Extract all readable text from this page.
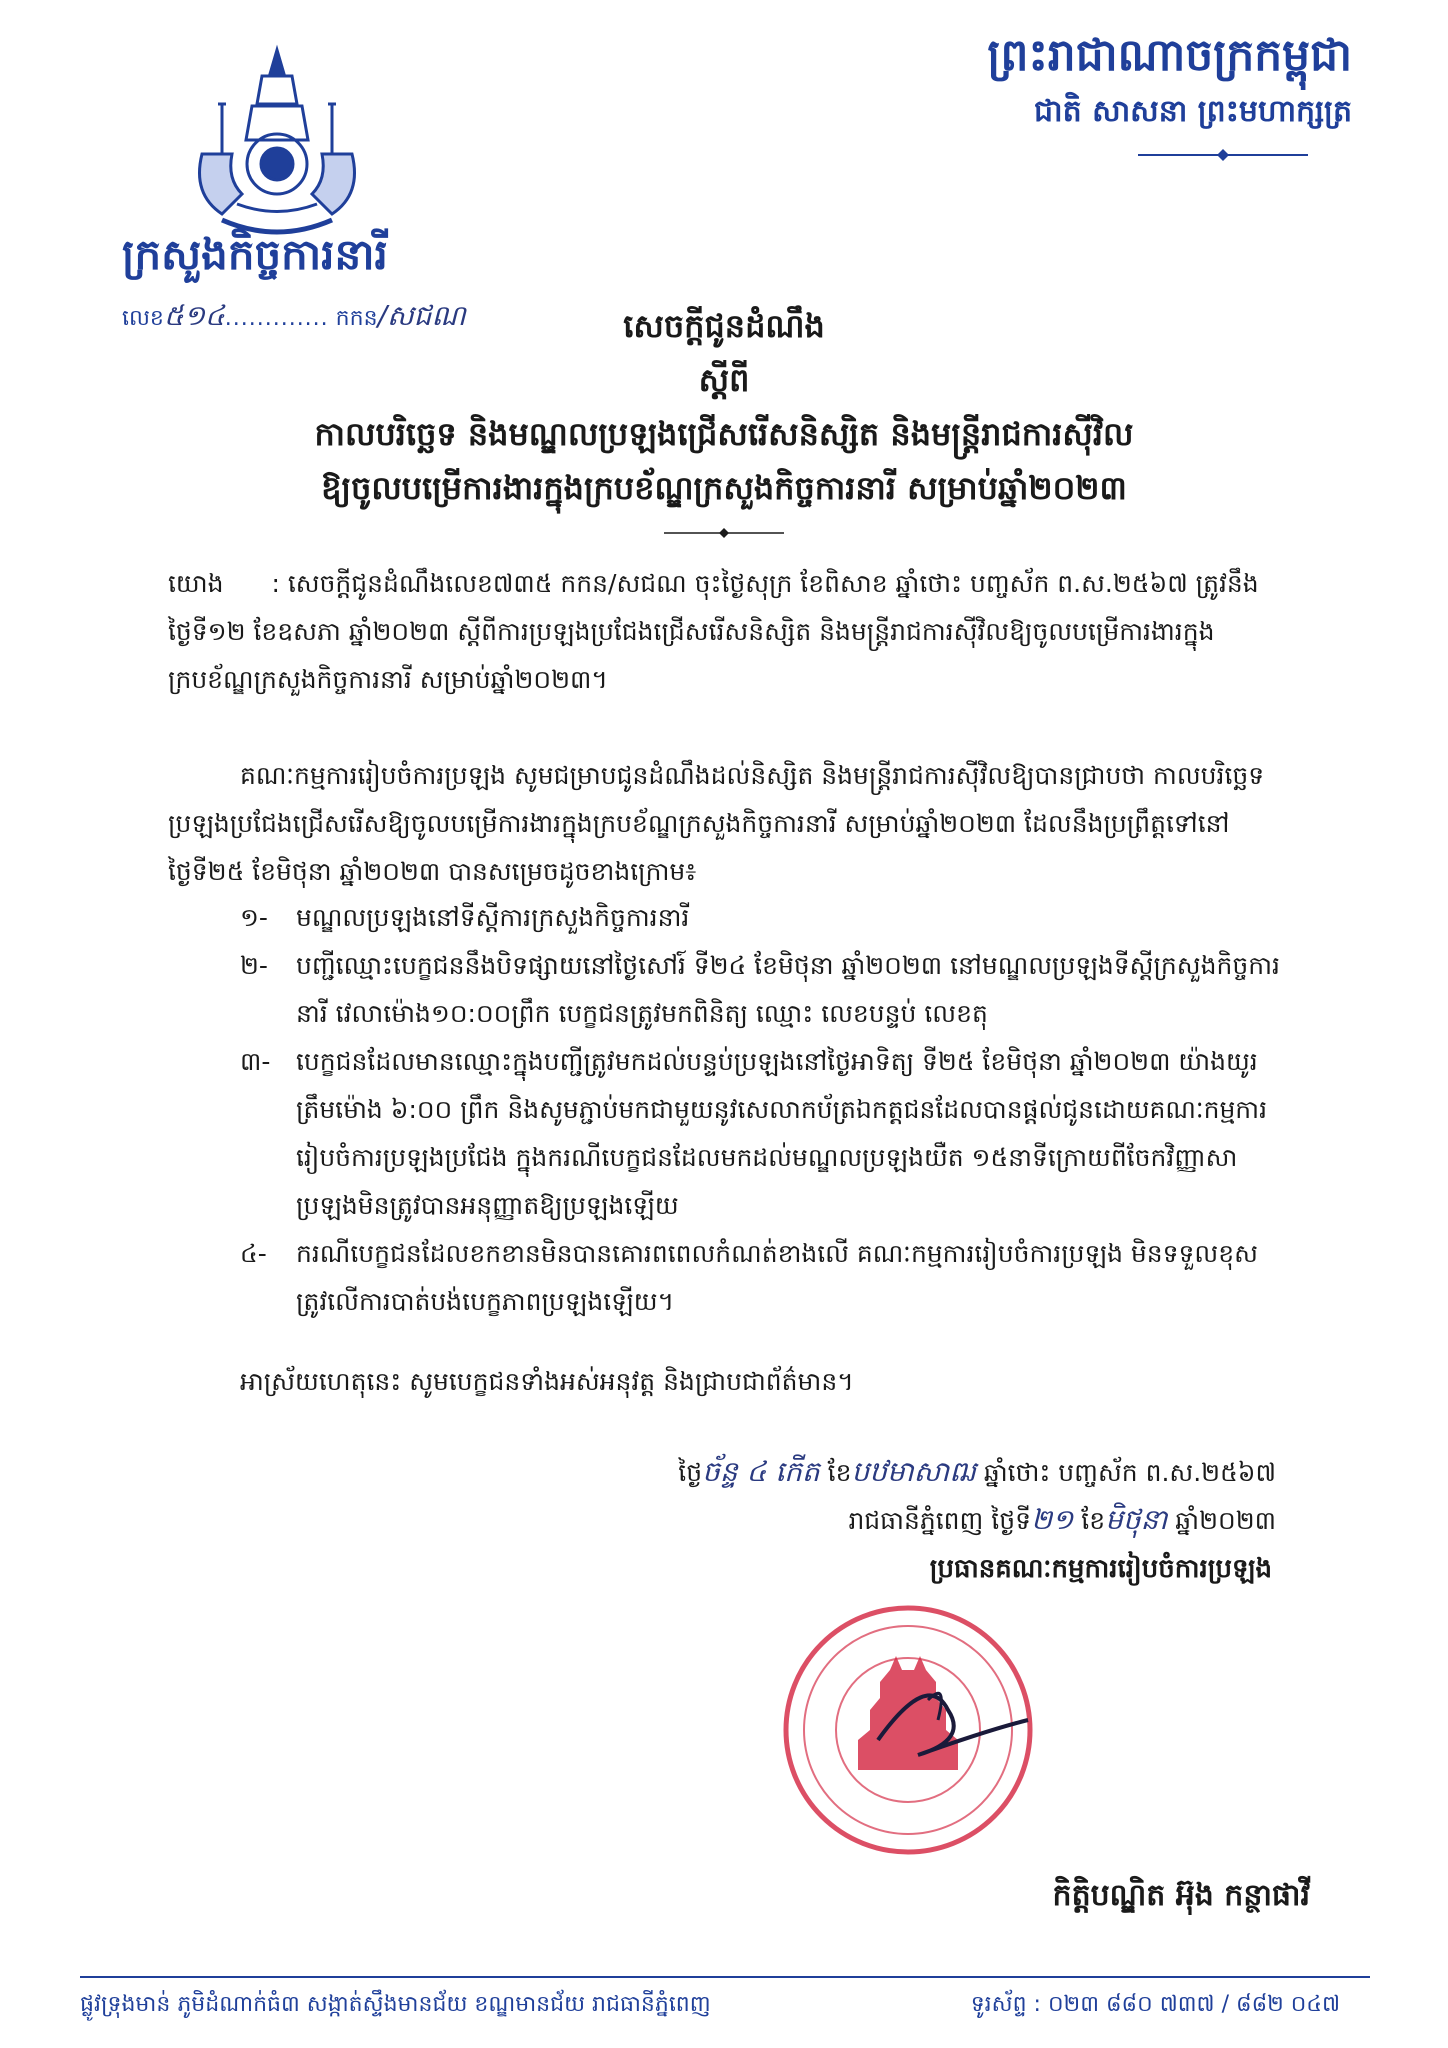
ក្រសួងកិច្ចការនារី
លេខ៥១៤............. កកន/សជណ
ព្រះរាជាណាចក្រកម្ពុជា
ជាតិ សាសនា ព្រះមហាក្សត្រ
សេចក្តីជូនដំណឹង
ស្តីពី
កាលបរិច្ឆេទ និងមណ្ឌលប្រឡងជ្រើសរើសនិស្សិត និងមន្ត្រីរាជការស៊ីវិល
ឱ្យចូលបម្រើការងារក្នុងក្របខ័ណ្ឌក្រសួងកិច្ចការនារី សម្រាប់ឆ្នាំ២០២៣
យោង : សេចក្តីជូនដំណឹងលេខ៧៣៥ កកន/សជណ ចុះថ្ងៃសុក្រ ខែពិសាខ ឆ្នាំថោះ បញ្ចស័ក ព.ស.២៥៦៧ ត្រូវនឹងថ្ងៃទី១២ ខែឧសភា ឆ្នាំ២០២៣ ស្តីពីការប្រឡងប្រជែងជ្រើសរើសនិស្សិត និងមន្ត្រីរាជការស៊ីវិលឱ្យចូលបម្រើការងារក្នុងក្របខ័ណ្ឌក្រសួងកិច្ចការនារី សម្រាប់ឆ្នាំ២០២៣។
គណៈកម្មការរៀបចំការប្រឡង សូមជម្រាបជូនដំណឹងដល់និស្សិត និងមន្ត្រីរាជការស៊ីវិលឱ្យបានជ្រាបថា កាលបរិច្ឆេទប្រឡងប្រជែងជ្រើសរើសឱ្យចូលបម្រើការងារក្នុងក្របខ័ណ្ឌក្រសួងកិច្ចការនារី សម្រាប់ឆ្នាំ២០២៣ ដែលនឹងប្រព្រឹត្តទៅនៅថ្ងៃទី២៥ ខែមិថុនា ឆ្នាំ២០២៣ បានសម្រេចដូចខាងក្រោម៖
១-	មណ្ឌលប្រឡងនៅទីស្តីការក្រសួងកិច្ចការនារី
២-	បញ្ជីឈ្មោះបេក្ខជននឹងបិទផ្សាយនៅថ្ងៃសៅរ៍ ទី២៤ ខែមិថុនា ឆ្នាំ២០២៣ នៅមណ្ឌលប្រឡងទីស្តីក្រសួងកិច្ចការនារី វេលាម៉ោង១០:០០ព្រឹក បេក្ខជនត្រូវមកពិនិត្យ ឈ្មោះ លេខបន្ទប់ លេខតុ
៣-	បេក្ខជនដែលមានឈ្មោះក្នុងបញ្ជីត្រូវមកដល់បន្ទប់ប្រឡងនៅថ្ងៃអាទិត្យ ទី២៥ ខែមិថុនា ឆ្នាំ២០២៣ យ៉ាងយូរត្រឹមម៉ោង ៦:០០ ព្រឹក និងសូមភ្ជាប់មកជាមួយនូវសេលាកប័ត្រឯកត្តជនដែលបានផ្តល់ជូនដោយគណៈកម្មការរៀបចំការប្រឡងប្រជែង ក្នុងករណីបេក្ខជនដែលមកដល់មណ្ឌលប្រឡងយឺត ១៥នាទីក្រោយពីចែកវិញ្ញាសាប្រឡងមិនត្រូវបានអនុញ្ញាតឱ្យប្រឡងឡើយ
៤-	ករណីបេក្ខជនដែលខកខានមិនបានគោរពពេលកំណត់ខាងលើ គណៈកម្មការរៀបចំការប្រឡង មិនទទួលខុសត្រូវលើការបាត់បង់បេក្ខភាពប្រឡងឡើយ។
អាស្រ័យហេតុនេះ សូមបេក្ខជនទាំងអស់អនុវត្ត និងជ្រាបជាព័ត៌មាន។
ថ្ងៃច័ន្ទ ៤ កើត ខែបឋមាសាឍ ឆ្នាំថោះ បញ្ចស័ក ព.ស.២៥៦៧
រាជធានីភ្នំពេញ ថ្ងៃទី២១ ខែមិថុនា ឆ្នាំ២០២៣
ប្រធានគណៈកម្មការរៀបចំការប្រឡង
កិត្តិបណ្ឌិត អ៊ុង កន្ថាផាវី
ផ្លូវទ្រុងមាន់ ភូមិដំណាក់ធំ៣ សង្កាត់ស្ទឹងមានជ័យ ខណ្ឌមានជ័យ រាជធានីភ្នំពេញ	ទូរស័ព្ទ : ០២៣ ៨៨០ ៧៣៧ / ៨៨២ ០៤៧
